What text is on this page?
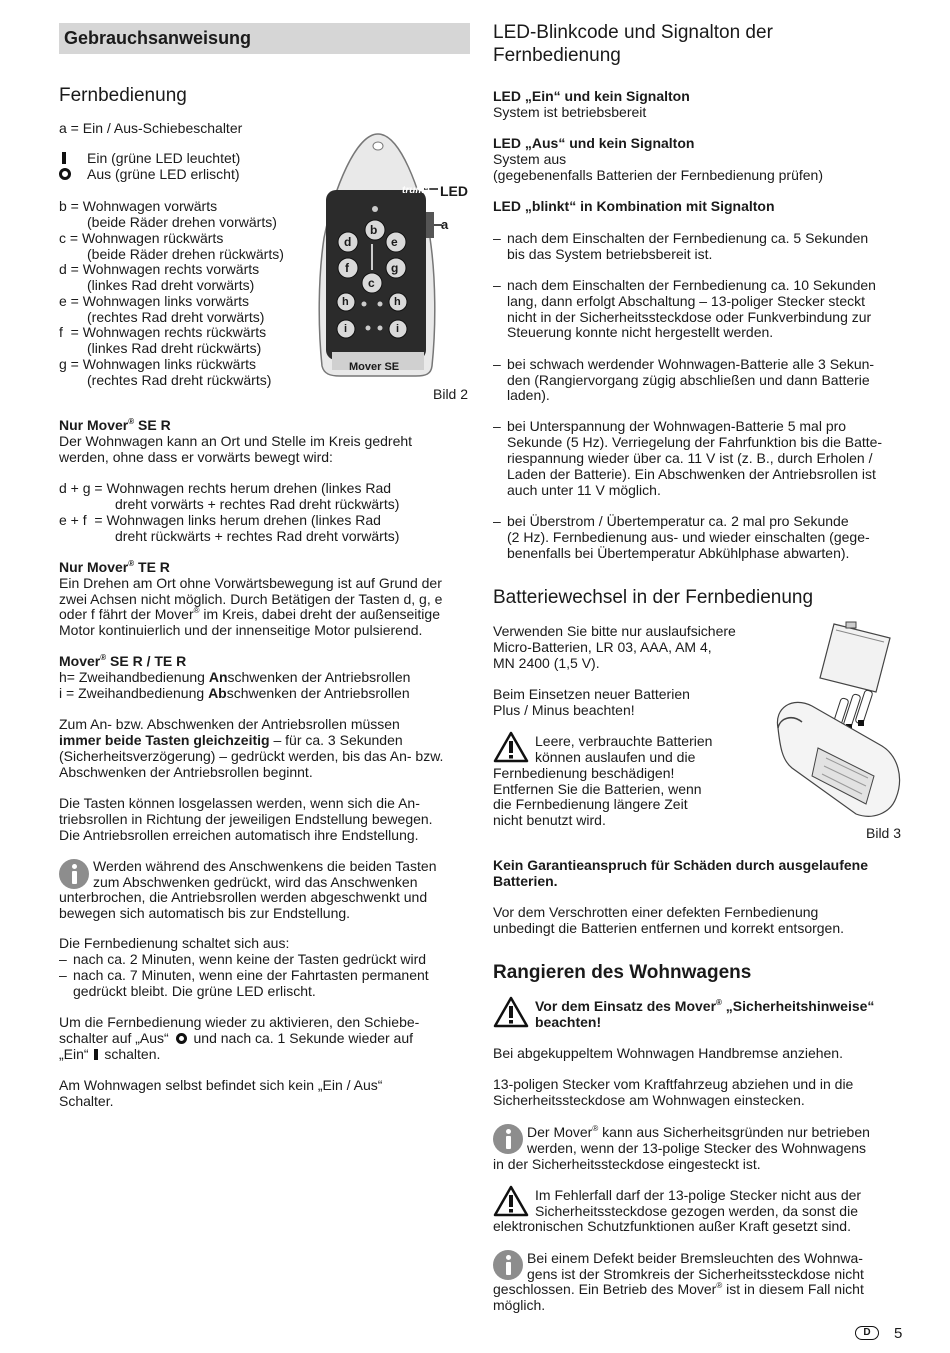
Gebrauchsanweisung
Fernbedienung
a = Ein / Aus-Schiebeschalter
Ein (grüne LED leuchtet)
Aus (grüne LED erlischt)
b = Wohnwagen vorwärts
(beide Räder drehen vorwärts)
c = Wohnwagen rückwärts
(beide Räder drehen rückwärts)
d = Wohnwagen rechts vorwärts
(linkes Rad dreht vorwärts)
e = Wohnwagen links vorwärts
(rechtes Rad dreht vorwärts)
f  = Wohnwagen rechts rückwärts
(linkes Rad dreht rückwärts)
g = Wohnwagen links rückwärts
(rechtes Rad dreht rückwärts)
LED
a
truma
Mover SE
b
d	e
f	g
c
h	h
i	i
Bild 2
Nur Mover® SE R
Der Wohnwagen kann an Ort und Stelle im Kreis gedreht
werden, ohne dass er vorwärts bewegt wird:
d + g = Wohnwagen rechts herum drehen (linkes Rad
dreht vorwärts + rechtes Rad dreht rückwärts)
e + f  = Wohnwagen links herum drehen (linkes Rad
dreht rückwärts + rechtes Rad dreht vorwärts)
Nur Mover® TE R
Ein Drehen am Ort ohne Vorwärtsbewegung ist auf Grund der
zwei Achsen nicht möglich. Durch Betätigen der Tasten d, g, e
oder f fährt der Mover® im Kreis, dabei dreht der außenseitige
Motor kontinuierlich und der innenseitige Motor pulsierend.
Mover® SE R / TE R
h= Zweihandbedienung Anschwenken der Antriebsrollen
i = Zweihandbedienung Abschwenken der Antriebsrollen
Zum An- bzw. Abschwenken der Antriebsrollen müssen
immer beide Tasten gleichzeitig – für ca. 3 Sekunden
(Sicherheitsverzögerung) – gedrückt werden, bis das An- bzw.
Abschwenken der Antriebsrollen beginnt.
Die Tasten können losgelassen werden, wenn sich die An-
triebsrollen in Richtung der jeweiligen Endstellung bewegen.
Die Antriebsrollen erreichen automatisch ihre Endstellung.
Werden während des Anschwenkens die beiden Tasten
zum Abschwenken gedrückt, wird das Anschwenken
unterbrochen, die Antriebsrollen werden abgeschwenkt und
bewegen sich automatisch bis zur Endstellung.
Die Fernbedienung schaltet sich aus:
– nach ca. 2 Minuten, wenn keine der Tasten gedrückt wird
– nach ca. 7 Minuten, wenn eine der Fahrtasten permanent
gedrückt bleibt. Die grüne LED erlischt.
Um die Fernbedienung wieder zu aktivieren, den Schiebe-
schalter auf „Aus“ und nach ca. 1 Sekunde wieder auf
„Ein“ schalten.
Am Wohnwagen selbst befindet sich kein „Ein / Aus“
Schalter.
LED-Blinkcode und Signalton der
Fernbedienung
LED „Ein“ und kein Signalton
System ist betriebsbereit
LED „Aus“ und kein Signalton
System aus
(gegebenenfalls Batterien der Fernbedienung prüfen)
LED „blinkt“ in Kombination mit Signalton
– nach dem Einschalten der Fernbedienung ca. 5 Sekunden
bis das System betriebsbereit ist.
– nach dem Einschalten der Fernbedienung ca. 10 Sekunden
lang, dann erfolgt Abschaltung – 13-poliger Stecker steckt
nicht in der Sicherheitssteckdose oder Funkverbindung zur
Steuerung konnte nicht hergestellt werden.
– bei schwach werdender Wohnwagen-Batterie alle 3 Sekun-
den (Rangiervorgang zügig abschließen und dann Batterie
laden).
– bei Unterspannung der Wohnwagen-Batterie 5 mal pro
Sekunde (5 Hz). Verriegelung der Fahrfunktion bis die Batte-
riespannung wieder über ca. 11 V ist (z. B., durch Erholen /
Laden der Batterie). Ein Abschwenken der Antriebsrollen ist
auch unter 11 V möglich.
– bei Überstrom / Übertemperatur ca. 2 mal pro Sekunde
(2 Hz). Fernbedienung aus- und wieder einschalten (gege-
benenfalls bei Übertemperatur Abkühlphase abwarten).
Batteriewechsel in der Fernbedienung
Verwenden Sie bitte nur auslaufsichere
Micro-Batterien, LR 03, AAA, AM 4,
MN 2400 (1,5 V).
Beim Einsetzen neuer Batterien
Plus / Minus beachten!
Leere, verbrauchte Batterien
können auslaufen und die
Fernbedienung beschädigen!
Entfernen Sie die Batterien, wenn
die Fernbedienung längere Zeit
nicht benutzt wird.
Bild 3
Kein Garantieanspruch für Schäden durch ausgelaufene
Batterien.
Vor dem Verschrotten einer defekten Fernbedienung
unbedingt die Batterien entfernen und korrekt entsorgen.
Rangieren des Wohnwagens
Vor dem Einsatz des Mover® „Sicherheitshinweise“
beachten!
Bei abgekuppeltem Wohnwagen Handbremse anziehen.
13-poligen Stecker vom Kraftfahrzeug abziehen und in die
Sicherheitssteckdose am Wohnwagen einstecken.
Der Mover® kann aus Sicherheitsgründen nur betrieben
werden, wenn der 13-polige Stecker des Wohnwagens
in der Sicherheitssteckdose eingesteckt ist.
Im Fehlerfall darf der 13-polige Stecker nicht aus der
Sicherheitssteckdose gezogen werden, da sonst die
elektronischen Schutzfunktionen außer Kraft gesetzt sind.
Bei einem Defekt beider Bremsleuchten des Wohnwa-
gens ist der Stromkreis der Sicherheitssteckdose nicht
geschlossen. Ein Betrieb des Mover® ist in diesem Fall nicht
möglich.
D	5
